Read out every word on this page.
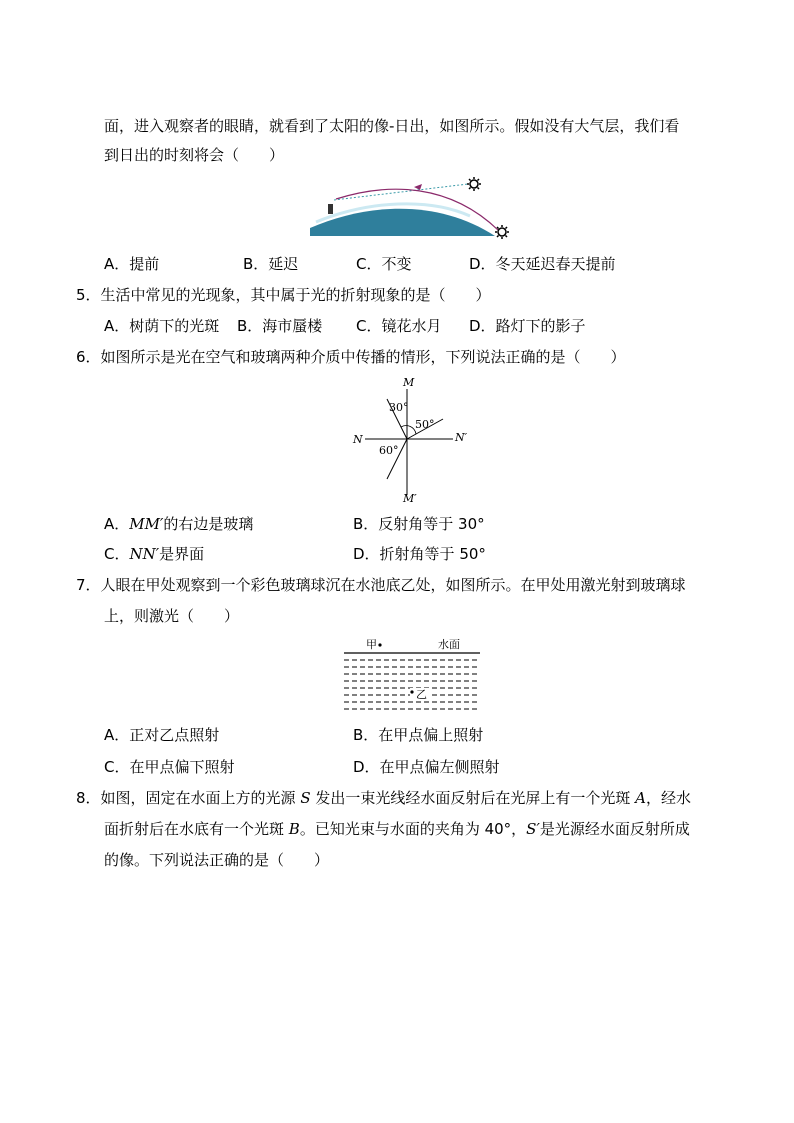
面，进入观察者的眼睛，就看到了太阳的像-日出，如图所示。假如没有大气层，我们看
到日出的时刻将会（　　）
A．提前	B．延迟	C．不变	D．冬天延迟春天提前
5．生活中常见的光现象，其中属于光的折射现象的是（　　）
A．树荫下的光斑 B．海市蜃楼 C．镜花水月 D．路灯下的影子
6．如图所示是光在空气和玻璃两种介质中传播的情形，下列说法正确的是（　　）
M
M′
N	N′
30°
50°
60°
A．MM′的右边是玻璃	B．反射角等于 30°
C．NN′是界面	D．折射角等于 50°
7．人眼在甲处观察到一个彩色玻璃球沉在水池底乙处，如图所示。在甲处用激光射到玻璃球
上，则激光（　　）
甲	水面
乙
A．正对乙点照射	B．在甲点偏上照射
C．在甲点偏下照射	D．在甲点偏左侧照射
8．如图，固定在水面上方的光源 S 发出一束光线经水面反射后在光屏上有一个光斑 A，经水
面折射后在水底有一个光斑 B。已知光束与水面的夹角为 40°，S′是光源经水面反射所成
的像。下列说法正确的是（　　）
